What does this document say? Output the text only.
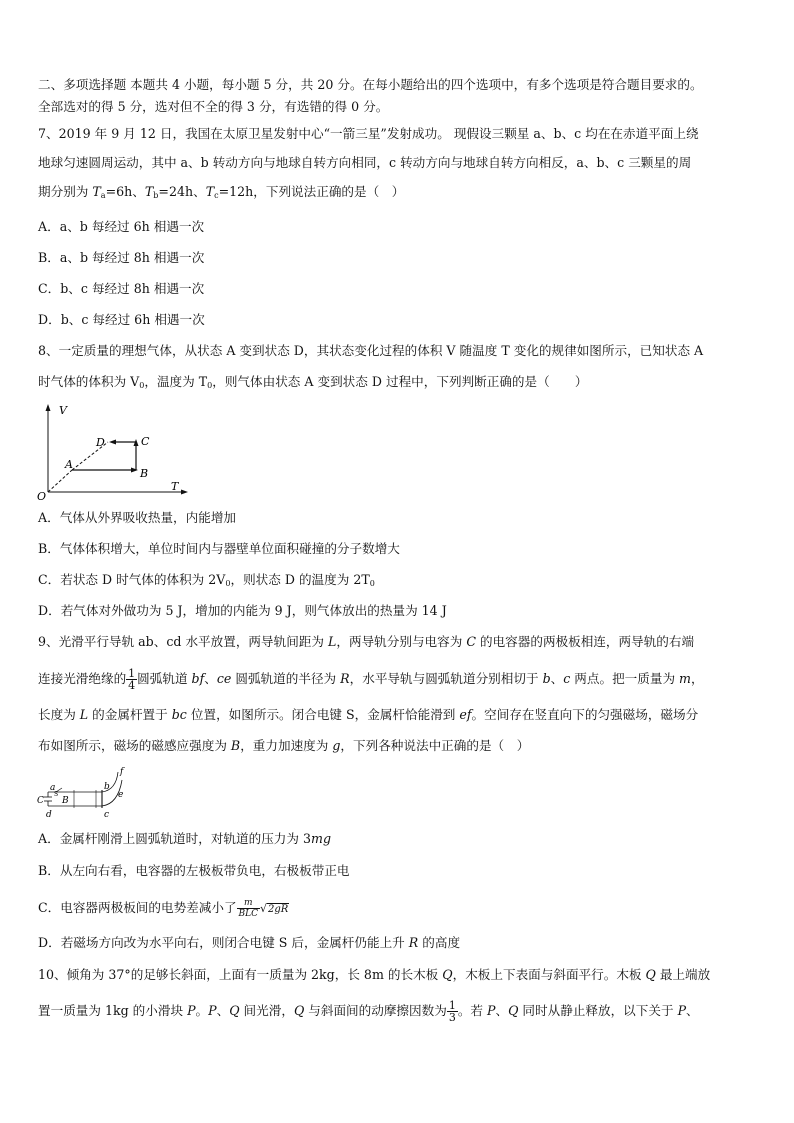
二、多项选择题 本题共 4 小题，每小题 5 分，共 20 分。在每小题给出的四个选项中，有多个选项是符合题目要求的。
全部选对的得 5 分，选对但不全的得 3 分，有选错的得 0 分。
7、2019 年 9 月 12 日，我国在太原卫星发射中心“一箭三星”发射成功。 现假设三颗星 a、b、c 均在在赤道平面上绕
地球匀速圆周运动，其中 a、b 转动方向与地球自转方向相同，c 转动方向与地球自转方向相反，a、b、c 三颗星的周
期分别为 $T_a=6h$、$T_b=24h$、$T_c=12h$，下列说法正确的是（　）
A．a、b 每经过 6h 相遇一次
B．a、b 每经过 8h 相遇一次
C．b、c 每经过 8h 相遇一次
D．b、c 每经过 6h 相遇一次
8、一定质量的理想气体，从状态 A 变到状态 D，其状态变化过程的体积 V 随温度 T 变化的规律如图所示，已知状态 A
时气体的体积为 $V_0$，温度为 $T_0$，则气体由状态 A 变到状态 D 过程中，下列判断正确的是（　　）
V
T
O
A
B
C
D
A．气体从外界吸收热量，内能增加
B．气体体积增大，单位时间内与器壁单位面积碰撞的分子数增大
C．若状态 D 时气体的体积为 $2V_0$，则状态 D 的温度为 $2T_0$
D．若气体对外做功为 5 J，增加的内能为 9 J，则气体放出的热量为 14 J
9、光滑平行导轨 ab、cd 水平放置，两导轨间距为 L，两导轨分别与电容为 C 的电容器的两极板相连，两导轨的右端
连接光滑绝缘的 $\frac{1}{4}$ 圆弧轨道 bf、ce 圆弧轨道的半径为 R，水平导轨与圆弧轨道分别相切于 b、c 两点。把一质量为 m，
长度为 L 的金属杆置于 bc 位置，如图所示。闭合电键 S，金属杆恰能滑到 ef。空间存在竖直向下的匀强磁场，磁场分
布如图所示，磁场的磁感应强度为 B，重力加速度为 g，下列各种说法中正确的是（　）
a	b
c
d
e
f
B
C
S
A．金属杆刚滑上圆弧轨道时，对轨道的压力为 3mg
B．从左向右看，电容器的左极板带负电，右极板带正电
C．电容器两极板间的电势差减小了 $\frac{m}{\text{BLC}} √2gR$
D．若磁场方向改为水平向右，则闭合电键 S 后，金属杆仍能上升 R 的高度
10、倾角为 37°的足够长斜面，上面有一质量为 2kg，长 8m 的长木板 Q，木板上下表面与斜面平行。木板 Q 最上端放
置一质量为 1kg 的小滑块 P。P、Q 间光滑，Q 与斜面间的动摩擦因数为 $\frac{1}{3}$ 。若 P、Q 同时从静止释放，以下关于 P、
